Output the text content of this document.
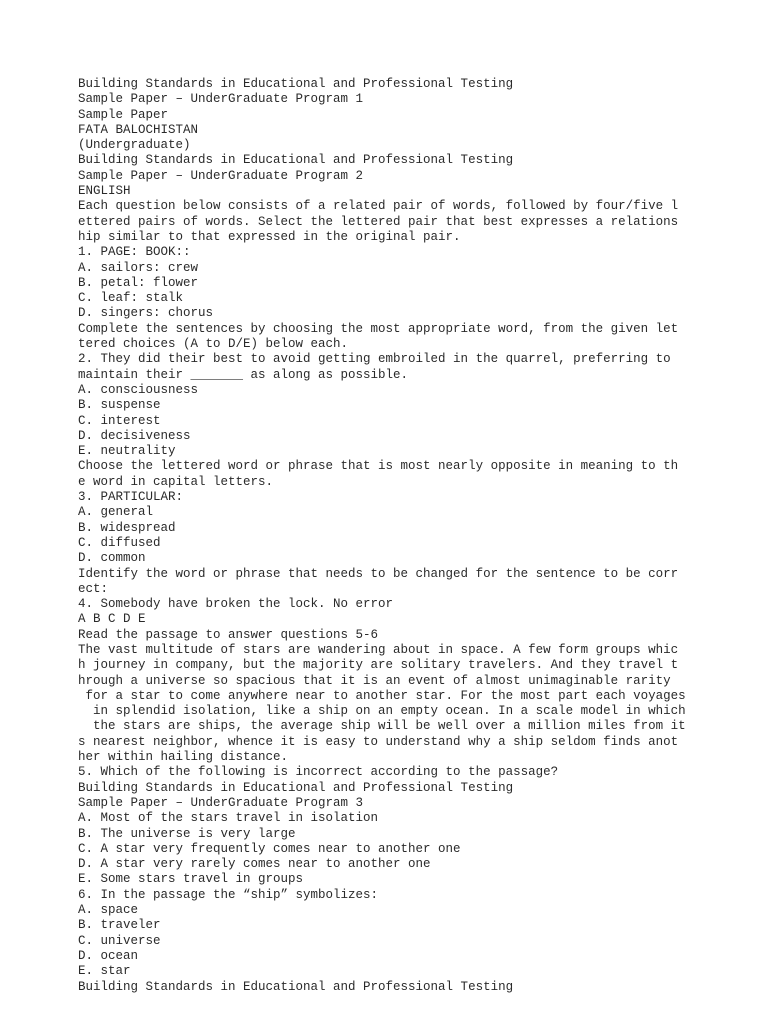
Building Standards in Educational and Professional Testing
Sample Paper – UnderGraduate Program 1
Sample Paper
FATA BALOCHISTAN
(Undergraduate)
Building Standards in Educational and Professional Testing
Sample Paper – UnderGraduate Program 2
ENGLISH
Each question below consists of a related pair of words, followed by four/five l
ettered pairs of words. Select the lettered pair that best expresses a relations
hip similar to that expressed in the original pair.
1. PAGE: BOOK::
A. sailors: crew
B. petal: flower
C. leaf: stalk
D. singers: chorus
Complete the sentences by choosing the most appropriate word, from the given let
tered choices (A to D/E) below each.
2. They did their best to avoid getting embroiled in the quarrel, preferring to
maintain their _______ as along as possible.
A. consciousness
B. suspense
C. interest
D. decisiveness
E. neutrality
Choose the lettered word or phrase that is most nearly opposite in meaning to th
e word in capital letters.
3. PARTICULAR:
A. general
B. widespread
C. diffused
D. common
Identify the word or phrase that needs to be changed for the sentence to be corr
ect:
4. Somebody have broken the lock. No error
A B C D E
Read the passage to answer questions 5-6
The vast multitude of stars are wandering about in space. A few form groups whic
h journey in company, but the majority are solitary travelers. And they travel t
hrough a universe so spacious that it is an event of almost unimaginable rarity
for a star to come anywhere near to another star. For the most part each voyages
in splendid isolation, like a ship on an empty ocean. In a scale model in which
the stars are ships, the average ship will be well over a million miles from it
s nearest neighbor, whence it is easy to understand why a ship seldom finds anot
her within hailing distance.
5. Which of the following is incorrect according to the passage?
Building Standards in Educational and Professional Testing
Sample Paper – UnderGraduate Program 3
A. Most of the stars travel in isolation
B. The universe is very large
C. A star very frequently comes near to another one
D. A star very rarely comes near to another one
E. Some stars travel in groups
6. In the passage the “ship” symbolizes:
A. space
B. traveler
C. universe
D. ocean
E. star
Building Standards in Educational and Professional Testing
